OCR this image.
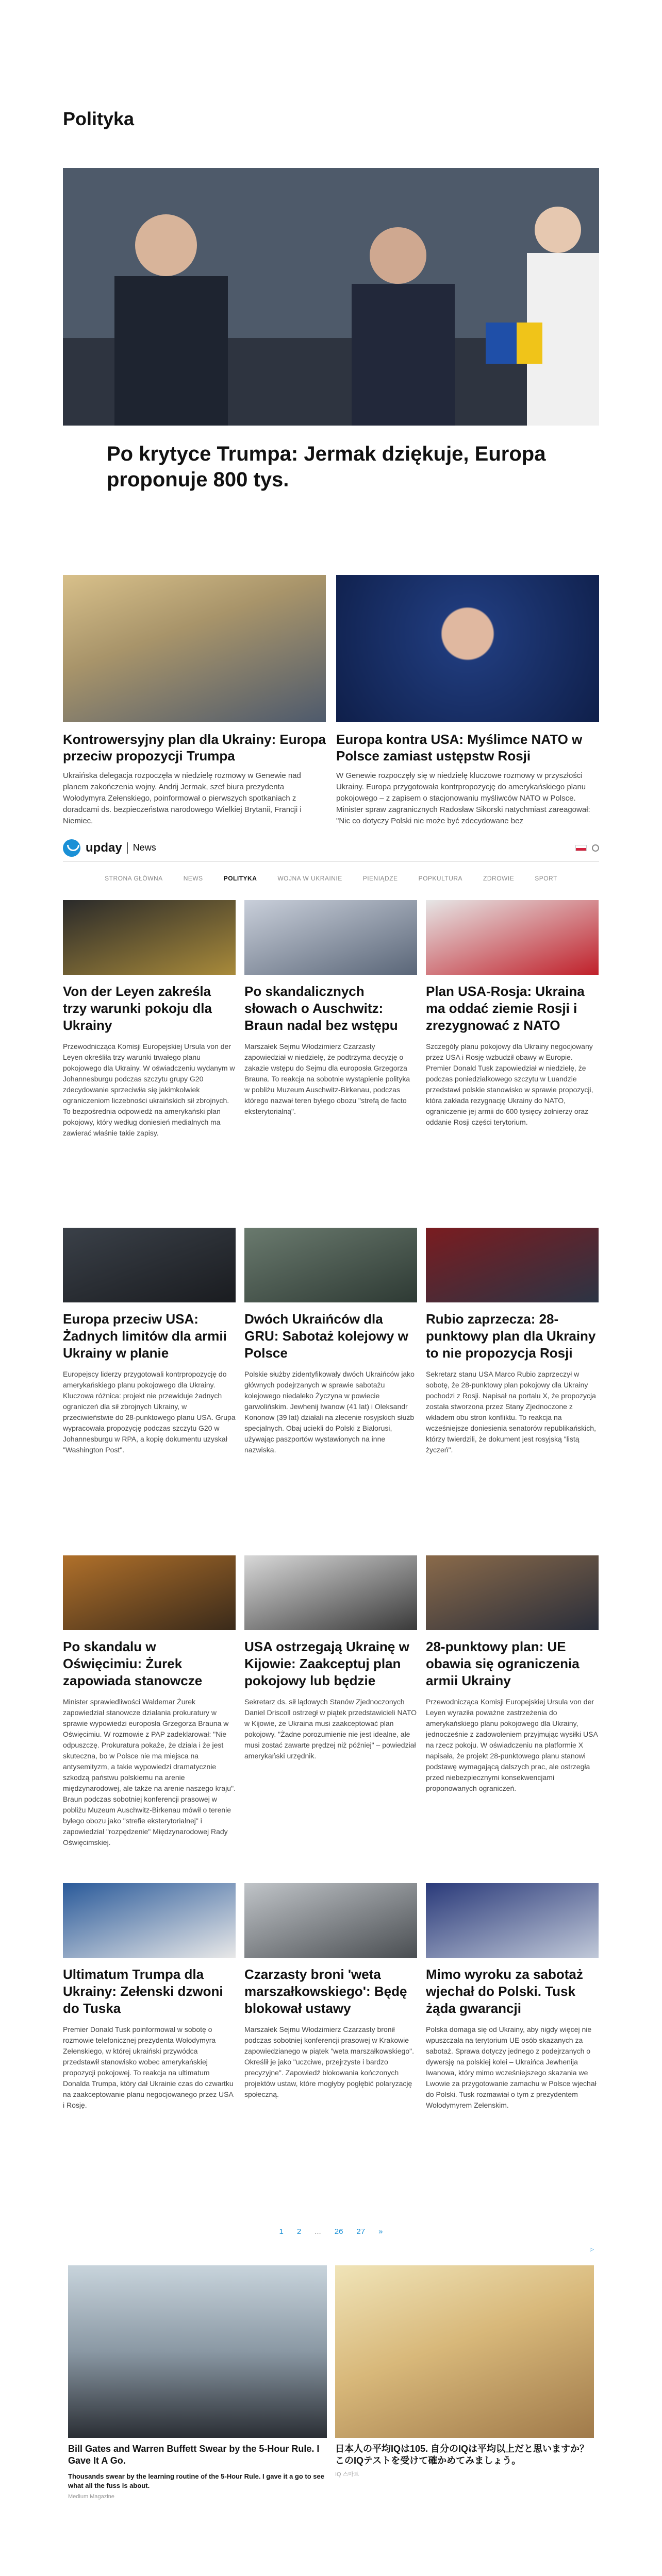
Polityka
Po krytyce Trumpa: Jermak dziękuje, Europa proponuje 800 tys.
Kontrowersyjny plan dla Ukrainy: Europa przeciw propozycji Trumpa

Ukraińska delegacja rozpoczęła w niedzielę rozmowy w Genewie nad planem zakończenia wojny. Andrij Jermak, szef biura prezydenta Wołodymyra Zełenskiego, poinformował o pierwszych spotkaniach z doradcami ds. bezpieczeństwa narodowego Wielkiej Brytanii, Francji i Niemiec.

Europa kontra USA: Myślimce NATO w Polsce zamiast ustępstw Rosji

W Genewie rozpoczęły się w niedzielę kluczowe rozmowy w przyszłości Ukrainy. Europa przygotowała kontrpropozycję do amerykańskiego planu pokojowego – z zapisem o stacjonowaniu myśliwców NATO w Polsce. Minister spraw zagranicznych Radosław Sikorski natychmiast zareagował: "Nic co dotyczy Polski nie może być zdecydowane bez

upday News
STRONA GŁÓWNA	NEWS	POLITYKA	WOJNA W UKRAINIE	PIENIĄDZE	POPKULTURA	ZDROWIE	SPORT
Von der Leyen zakreśla trzy warunki pokoju dla Ukrainy

Przewodnicząca Komisji Europejskiej Ursula von der Leyen określiła trzy warunki trwałego planu pokojowego dla Ukrainy. W oświadczeniu wydanym w Johannesburgu podczas szczytu grupy G20 zdecydowanie sprzeciwiła się jakimkolwiek ograniczeniom liczebności ukraińskich sił zbrojnych. To bezpośrednia odpowiedź na amerykański plan pokojowy, który według doniesień medialnych ma zawierać właśnie takie zapisy.

Po skandalicznych słowach o Auschwitz: Braun nadal bez wstępu

Marszałek Sejmu Włodzimierz Czarzasty zapowiedział w niedzielę, że podtrzyma decyzję o zakazie wstępu do Sejmu dla europosła Grzegorza Brauna. To reakcja na sobotnie wystąpienie polityka w pobliżu Muzeum Auschwitz-Birkenau, podczas którego nazwał teren byłego obozu "strefą de facto eksterytorialną".

Plan USA-Rosja: Ukraina ma oddać ziemie Rosji i zrezygnować z NATO

Szczegóły planu pokojowy dla Ukrainy negocjowany przez USA i Rosję wzbudził obawy w Europie. Premier Donald Tusk zapowiedział w niedzielę, że podczas poniedziałkowego szczytu w Luandzie przedstawi polskie stanowisko w sprawie propozycji, która zakłada rezygnację Ukrainy do NATO, ograniczenie jej armii do 600 tysięcy żołnierzy oraz oddanie Rosji części terytorium.

Europa przeciw USA: Żadnych limitów dla armii Ukrainy w planie

Europejscy liderzy przygotowali kontrpropozycję do amerykańskiego planu pokojowego dla Ukrainy. Kluczowa różnica: projekt nie przewiduje żadnych ograniczeń dla sił zbrojnych Ukrainy, w przeciwieństwie do 28-punktowego planu USA. Grupa wypracowała propozycję podczas szczytu G20 w Johannesburgu w RPA, a kopię dokumentu uzyskał "Washington Post".

Dwóch Ukraińców dla GRU: Sabotaż kolejowy w Polsce

Polskie służby zidentyfikowały dwóch Ukraińców jako głównych podejrzanych w sprawie sabotażu kolejowego niedaleko Życzyna w powiecie garwolińskim. Jewhenij Iwanow (41 lat) i Oleksandr Kononow (39 lat) działali na zlecenie rosyjskich służb specjalnych. Obaj uciekli do Polski z Białorusi, używając paszportów wystawionych na inne nazwiska.

Rubio zaprzecza: 28-punktowy plan dla Ukrainy to nie propozycja Rosji

Sekretarz stanu USA Marco Rubio zaprzeczył w sobotę, że 28-punktowy plan pokojowy dla Ukrainy pochodzi z Rosji. Napisał na portalu X, że propozycja została stworzona przez Stany Zjednoczone z wkładem obu stron konfliktu. To reakcja na wcześniejsze doniesienia senatorów republikańskich, którzy twierdzili, że dokument jest rosyjską "listą życzeń".

Po skandalu w Oświęcimiu: Żurek zapowiada stanowcze

Minister sprawiedliwości Waldemar Żurek zapowiedział stanowcze działania prokuratury w sprawie wypowiedzi europosła Grzegorza Brauna w Oświęcimiu. W rozmowie z PAP zadeklarował: "Nie odpuszczę. Prokuratura pokaże, że dziala i że jest skuteczna, bo w Polsce nie ma miejsca na antysemityzm, a takie wypowiedzi dramatycznie szkodzą państwu polskiemu na arenie międzynarodowej, ale także na arenie naszego kraju". Braun podczas sobotniej konferencji prasowej w pobliżu Muzeum Auschwitz-Birkenau mówił o terenie byłego obozu jako "strefie eksterytorialnej" i zapowiedział "rozpędzenie" Międzynarodowej Rady Oświęcimskiej.

USA ostrzegają Ukrainę w Kijowie: Zaakceptuj plan pokojowy lub będzie

Sekretarz ds. sił lądowych Stanów Zjednoczonych Daniel Driscoll ostrzegł w piątek przedstawicieli NATO w Kijowie, że Ukraina musi zaakceptować plan pokojowy. "Żadne porozumienie nie jest idealne, ale musi zostać zawarte prędzej niż później" – powiedział amerykański urzędnik.

28-punktowy plan: UE obawia się ograniczenia armii Ukrainy

Przewodnicząca Komisji Europejskiej Ursula von der Leyen wyraziła poważne zastrzeżenia do amerykańskiego planu pokojowego dla Ukrainy, jednocześnie z zadowoleniem przyjmując wysiłki USA na rzecz pokoju. W oświadczeniu na platformie X napisała, że projekt 28-punktowego planu stanowi podstawę wymagającą dalszych prac, ale ostrzegła przed niebezpiecznymi konsekwencjami proponowanych ograniczeń.

Ultimatum Trumpa dla Ukrainy: Zełenski dzwoni do Tuska

Premier Donald Tusk poinformował w sobotę o rozmowie telefonicznej prezydenta Wołodymyra Zełenskiego, w której ukraiński przywódca przedstawił stanowisko wobec amerykańskiej propozycji pokojowej. To reakcja na ultimatum Donalda Trumpa, który dał Ukrainie czas do czwartku na zaakceptowanie planu negocjowanego przez USA i Rosję.

Czarzasty broni 'weta marszałkowskiego': Będę blokował ustawy

Marszałek Sejmu Włodzimierz Czarzasty bronił podczas sobotniej konferencji prasowej w Krakowie zapowiedzianego w piątek "weta marszałkowskiego". Określił je jako "uczciwe, przejrzyste i bardzo precyzyjne". Zapowiedź blokowania kończonych projektów ustaw, które mogłyby pogłębić polaryzację społeczną.

Mimo wyroku za sabotaż wjechał do Polski. Tusk żąda gwarancji

Polska domaga się od Ukrainy, aby nigdy więcej nie wpuszczała na terytorium UE osób skazanych za sabotaż. Sprawa dotyczy jednego z podejrzanych o dywersję na polskiej kolei – Ukraińca Jewhenija Iwanowa, który mimo wcześniejszego skazania we Lwowie za przygotowanie zamachu w Polsce wjechał do Polski. Tusk rozmawiał o tym z prezydentem Wołodymyrem Zełenskim.

1 2 ... 26 27 »
▷
Bill Gates and Warren Buffett Swear by the 5-Hour Rule. I Gave It A Go.
Thousands swear by the learning routine of the 5-Hour Rule. I gave it a go to see what all the fuss is about.
Medium Magazine
日本人の平均IQは105. 自分のIQは平均以上だと思いますか？ このIQテストを受けて確かめてみましょう。
IQ 스마트
